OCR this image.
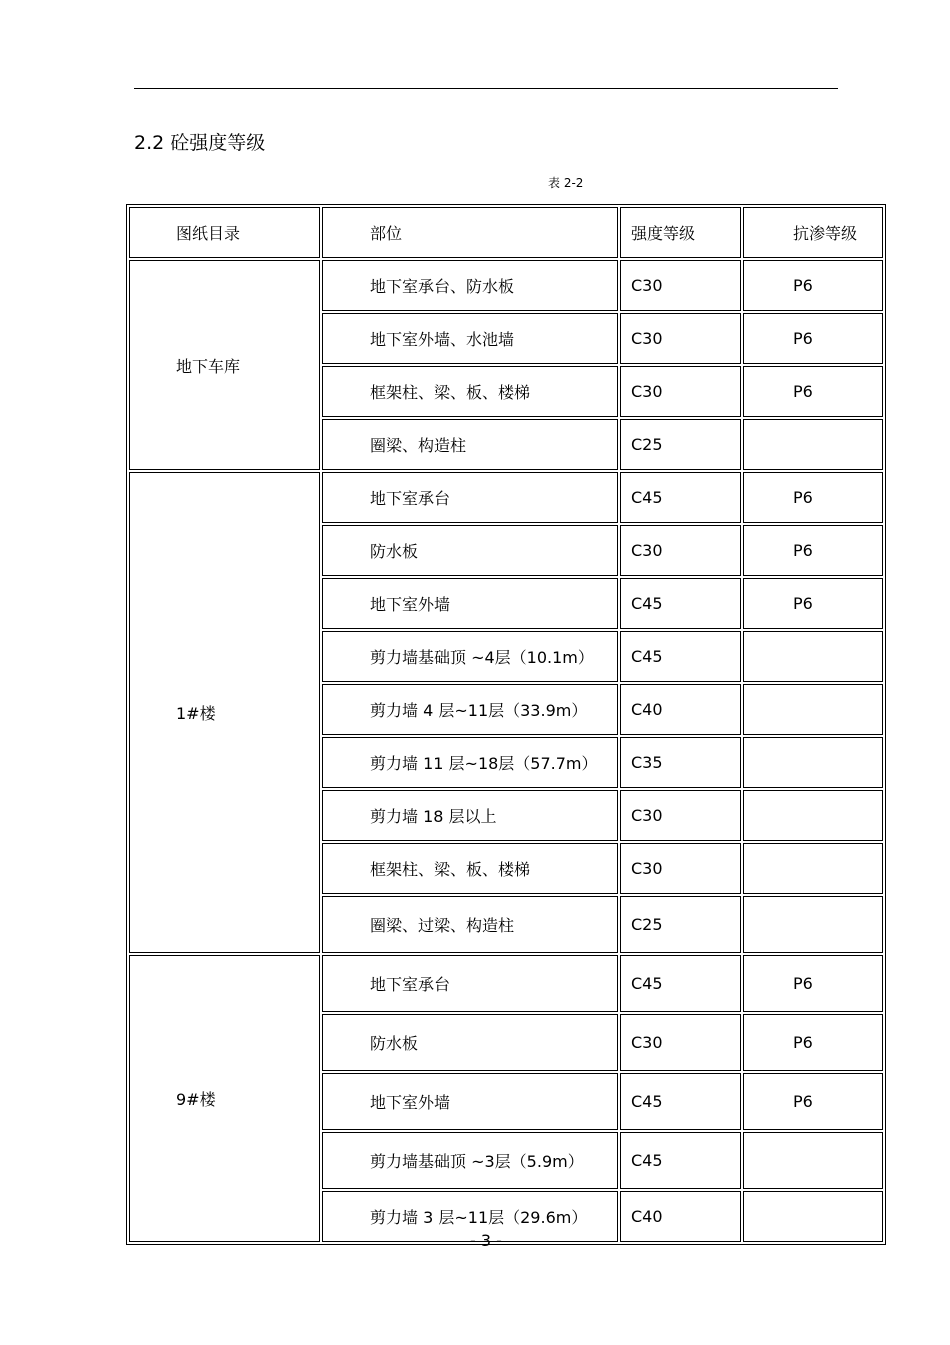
2.2 砼强度等级
表 2-2
图纸目录	部位	强度等级	抗渗等级
地下车库	地下室承台、防水板	C30	P6
	地下室外墙、水池墙	C30	P6
	框架柱、梁、板、楼梯	C30	P6
	圈梁、构造柱	C25	
1#楼	地下室承台	C45	P6
	防水板	C30	P6
	地下室外墙	C45	P6
	剪力墙基础顶 ~4层（10.1m）	C45	
	剪力墙 4 层~11层（33.9m）	C40	
	剪力墙 11 层~18层（57.7m）	C35	
	剪力墙 18 层以上	C30	
	框架柱、梁、板、楼梯	C30	
	圈梁、过梁、构造柱	C25	
9#楼	地下室承台	C45	P6
	防水板	C30	P6
	地下室外墙	C45	P6
	剪力墙基础顶 ~3层（5.9m）	C45	
	剪力墙 3 层~11层（29.6m）	C40	
- 3 -
